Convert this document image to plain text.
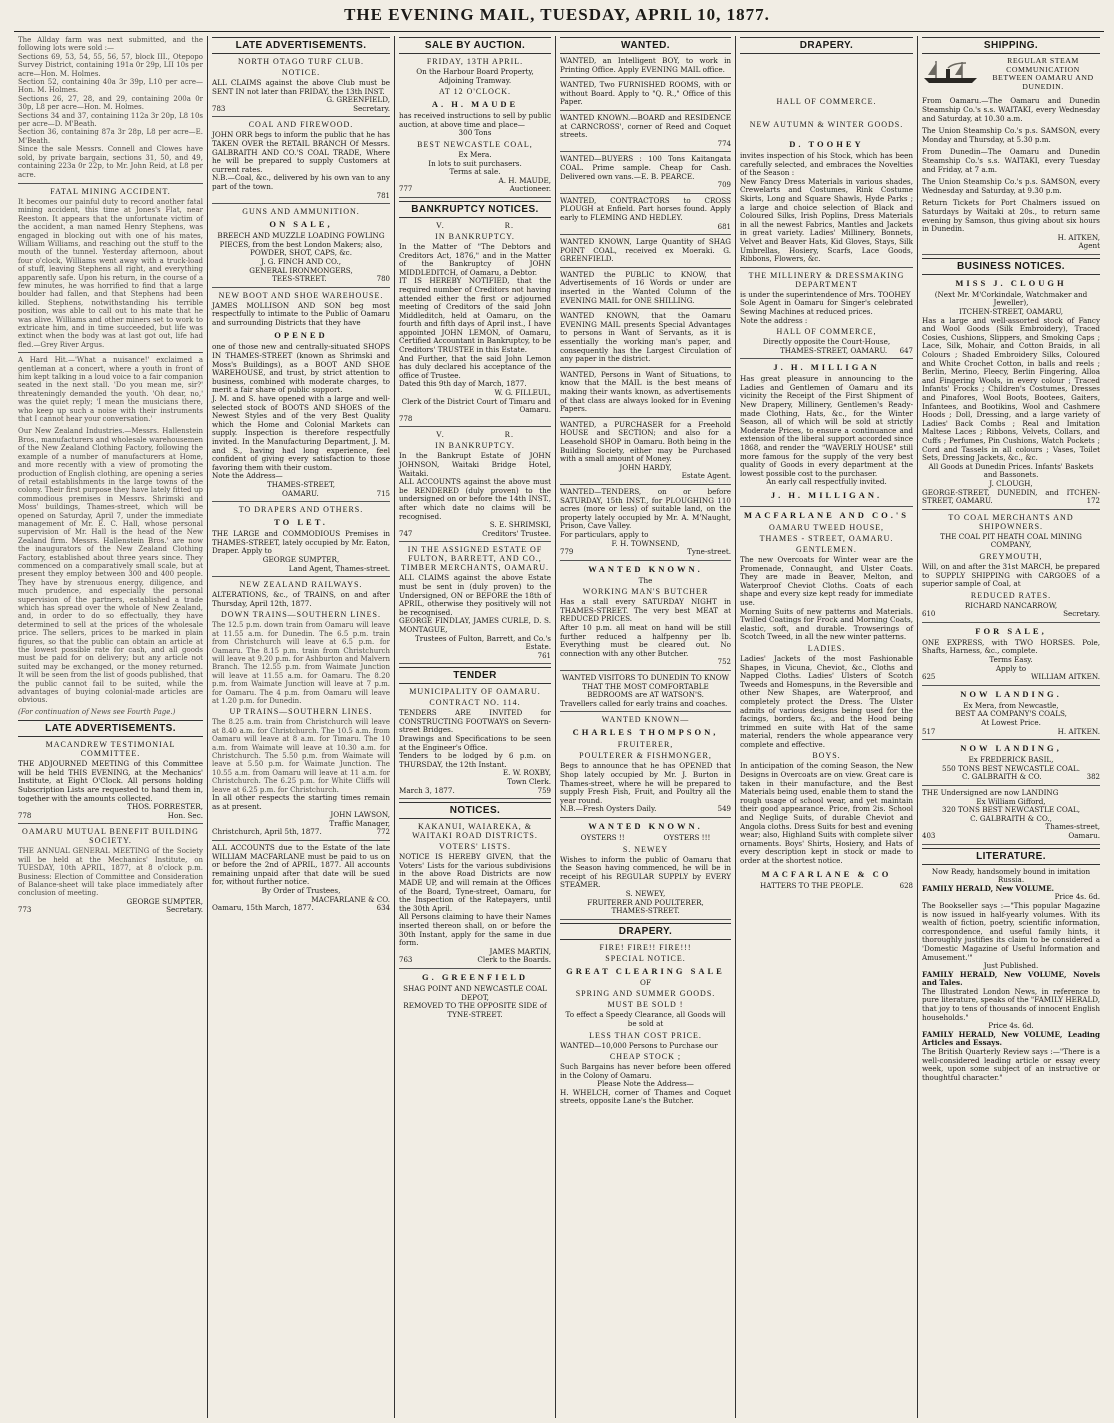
THE EVENING MAIL, TUESDAY, APRIL 10, 1877.

The Allday farm was next submitted, and the following lots were sold :—

Sections 69, 53, 54, 55, 56, 57, block III., Otepopo Survey District, containing 191a 0r 29p, LII 10s per acre—Hon. M. Holmes.

Section 52, containing 40a 3r 39p, L10 per acre—Hon. M. Holmes.

Sections 26, 27, 28, and 29, containing 200a 0r 30p, L8 per acre—Hon. M. Holmes.

Sections 34 and 37, containing 112a 3r 20p, L8 10s per acre—D. M'Beath.

Section 36, containing 87a 3r 28p, L8 per acre—E. M'Beath.

Since the sale Messrs. Connell and Clowes have sold, by private bargain, sections 31, 50, and 49, containing 223a 0r 22p, to Mr. John Reid, at L8 per acre.

FATAL MINING ACCIDENT.

It becomes our painful duty to record another fatal mining accident, this time at Jones's Flat, near Reeston. It appears that the unfortunate victim of the accident, a man named Henry Stephens, was engaged in blocking out with one of his mates, William Williams, and reaching out the stuff to the mouth of the tunnel. Yesterday afternoon, about four o'clock, Williams went away with a truck-load of stuff, leaving Stephens all right, and everything apparently safe. Upon his return, in the course of a few minutes, he was horrified to find that a large boulder had fallen, and that Stephens had been killed. Stephens, notwithstanding his terrible position, was able to call out to his mate that he was alive. Williams and other miners set to work to extricate him, and in time succeeded, but life was extinct when the body was at last got out, life had fled.—Grey River Argus.

A Hard Hit.—'What a nuisance!' exclaimed a gentleman at a concert, where a youth in front of him kept talking in a loud voice to a fair companion seated in the next stall. 'Do you mean me, sir?' threateningly demanded the youth. 'Oh dear, no,' was the quiet reply; 'I mean the musicians there, who keep up such a noise with their instruments that I cannot hear your conversation.'

Our New Zealand Industries.—Messrs. Hallenstein Bros., manufacturers and wholesale warehousemen of the New Zealand Clothing Factory, following the example of a number of manufacturers at Home, and more recently with a view of promoting the production of English clothing, are opening a series of retail establishments in the large towns of the colony. Their first purpose they have lately fitted up commodious premises in Messrs. Shrimski and Moss' buildings, Thames-street, which will be opened on Saturday, April 7, under the immediate management of Mr. E. C. Hall, whose personal supervision of Mr. Hall is the head of the New Zealand firm. Messrs. Hallenstein Bros.' are now the inaugurators of the New Zealand Clothing Factory, established about three years since. They commenced on a comparatively small scale, but at present they employ between 300 and 400 people. They have by strenuous energy, diligence, and much prudence, and especially the personal supervision of the partners, established a trade which has spread over the whole of New Zealand, and, in order to do so effectually, they have determined to sell at the prices of the wholesale price. The sellers, prices to be marked in plain figures, so that the public can obtain an article at the lowest possible rate for cash, and all goods must be paid for on delivery; but any article not suited may be exchanged, or the money returned. It will be seen from the list of goods published, that the public cannot fail to be suited, while the advantages of buying colonial-made articles are obvious.

(For continuation of News see Fourth Page.)

LATE ADVERTISEMENTS.
MACANDREW TESTIMONIAL COMMITTEE.

THE ADJOURNED MEETING of this Committee will be held THIS EVENING, at the Mechanics' Institute, at Eight O'Clock. All persons holding Subscription Lists are requested to hand them in, together with the amounts collected.

THOS. FORRESTER,

778	Hon. Sec.

OAMARU MUTUAL BENEFIT BUILDING SOCIETY.

THE ANNUAL GENERAL MEETING of the Society will be held at the Mechanics' Institute, on TUESDAY, 10th APRIL, 1877, at 8 o'clock p.m. Business: Election of Committee and Consideration of Balance-sheet will take place immediately after conclusion of meeting.

GEORGE SUMPTER,

773	Secretary.

LATE ADVERTISEMENTS.
NORTH OTAGO TURF CLUB.
NOTICE.

ALL CLAIMS against the above Club must be SENT IN not later than FRIDAY, the 13th INST.

G. GREENFIELD,

783	Secretary.

COAL AND FIREWOOD.

JOHN ORR begs to inform the public that he has TAKEN OVER the RETAIL BRANCH Of Messrs. GALBRAITH AND CO.'S COAL TRADE, Where he will be prepared to supply Customers at current rates.

N.B.—Coal, &c., delivered by his own van to any part of the town.

781

GUNS AND AMMUNITION.
ON SALE,

BREECH AND MUZZLE LOADING FOWLING PIECES, from the best London Makers; also, POWDER, SHOT, CAPS, &c.

J. G. FINCH AND CO.,

GENERAL IRONMONGERS,

TEES-STREET.	780

NEW BOOT AND SHOE WAREHOUSE.

JAMES MOLLISON AND SON beg most respectfully to intimate to the Public of Oamaru and surrounding Districts that they have

OPENED

one of those new and centrally-situated SHOPS IN THAMES-STREET (known as Shrimski and Moss's Buildings), as a BOOT AND SHOE WAREHOUSE, and trust, by strict attention to business, combined with moderate charges, to merit a fair share of public support.

J. M. and S. have opened with a large and well-selected stock of BOOTS AND SHOES of the Newest Styles and of the very Best Quality which the Home and Colonial Markets can supply. Inspection is therefore respectfully invited. In the Manufacturing Department, J. M. and S., having had long experience, feel confident of giving every satisfaction to those favoring them with their custom.

Note the Address—

THAMES-STREET,

OAMARU.	715

TO DRAPERS AND OTHERS.
TO LET.

THE LARGE and COMMODIOUS Premises in THAMES-STREET, lately occupied by Mr. Eaton, Draper. Apply to

GEORGE SUMPTER,

Land Agent, Thames-street.

NEW ZEALAND RAILWAYS.

ALTERATIONS, &c., of TRAINS, on and after Thursday, April 12th, 1877.

DOWN TRAINS—SOUTHERN LINES.

The 12.5 p.m. down train from Oamaru will leave at 11.55 a.m. for Dunedin. The 6.5 p.m. train from Christchurch will leave at 6.5 p.m. for Oamaru. The 8.15 p.m. train from Christchurch will leave at 9.20 p.m. for Ashburton and Malvern Branch. The 12.55 p.m. from Waimate Junction will leave at 11.55 a.m. for Oamaru. The 8.20 p.m. from Waimate Junction will leave at 7 p.m. for Oamaru. The 4 p.m. from Oamaru will leave at 1.20 p.m. for Dunedin.

UP TRAINS—SOUTHERN LINES.

The 8.25 a.m. train from Christchurch will leave at 8.40 a.m. for Christchurch. The 10.5 a.m. from Oamaru will leave at 8 a.m. for Timaru. The 10 a.m. from Waimate will leave at 10.30 a.m. for Christchurch. The 5.50 p.m. from Waimate will leave at 5.50 p.m. for Waimate Junction. The 10.55 a.m. from Oamaru will leave at 11 a.m. for Christchurch. The 6.25 p.m. for White Cliffs will leave at 6.25 p.m. for Christchurch.

In all other respects the starting times remain as at present.

JOHN LAWSON,

Traffic Manager,

Christchurch, April 5th, 1877.	772

ALL ACCOUNTS due to the Estate of the late WILLIAM MACFARLANE must be paid to us on or before the 2nd of APRIL, 1877. All accounts remaining unpaid after that date will be sued for, without further notice.

By Order of Trustees,

MACFARLANE & CO.

Oamaru, 15th March, 1877.	634

SALE BY AUCTION.
FRIDAY, 13TH APRIL.

On the Harbour Board Property, Adjoining Tramway.

AT 12 O'CLOCK.
A. H. MAUDE

has received instructions to sell by public auction, at above time and place—

300 Tons

BEST NEWCASTLE COAL,

Ex Mera.

In lots to suit purchasers.

Terms at sale.

A. H. MAUDE,

777	Auctioneer.

BANKRUPTCY NOTICES.
V.                    R.
IN BANKRUPTCY.

In the Matter of "The Debtors and Creditors Act, 1876," and in the Matter of the Bankruptcy of JOHN MIDDLEDITCH, of Oamaru, a Debtor.

IT IS HEREBY NOTIFIED, that the required number of Creditors not having attended either the first or adjourned meeting of Creditors of the said John Middleditch, held at Oamaru, on the fourth and fifth days of April inst., I have appointed JOHN LEMON, of Oamaru, Certified Accountant in Bankruptcy, to be Creditors' TRUSTEE in this Estate.

And Further, that the said John Lemon has duly declared his acceptance of the office of Trustee.

Dated this 9th day of March, 1877.

W. G. FILLEUL,

Clerk of the District Court of Timaru and Oamaru.

778

V.                    R.
IN BANKRUPTCY.

In the Bankrupt Estate of JOHN JOHNSON, Waitaki Bridge Hotel, Waitaki.

ALL ACCOUNTS against the above must be RENDERED (duly proven) to the undersigned on or before the 14th INST., after which date no claims will be recognised.

S. E. SHRIMSKI,

747	Creditors' Trustee.

IN THE ASSIGNED ESTATE OF FULTON, BARRETT, AND CO., TIMBER MERCHANTS, OAMARU.

ALL CLAIMS against the above Estate must be sent in (duly proven) to the Undersigned, ON or BEFORE the 18th of APRIL, otherwise they positively will not be recognised.

GEORGE FINDLAY, JAMES CURLE, D. S. MONTAGUE,

Trustees of Fulton, Barrett, and Co.'s Estate.

761

TENDER
MUNICIPALITY OF OAMARU.
CONTRACT NO. 114.

TENDERS ARE INVITED for CONSTRUCTING FOOTWAYS on Severn-street Bridges.

Drawings and Specifications to be seen at the Engineer's Office.

Tenders to be lodged by 6 p.m. on THURSDAY, the 12th Instant.

E. W. ROXBY,

Town Clerk.

March 3, 1877.	759

NOTICES.
KAKANUI, WAIAREKA, & WAITAKI ROAD DISTRICTS.
VOTERS' LISTS.

NOTICE IS HEREBY GIVEN, that the Voters' Lists for the various subdivisions in the above Road Districts are now MADE UP, and will remain at the Offices of the Board, Tyne-street, Oamaru, for the Inspection of the Ratepayers, until the 30th April.

All Persons claiming to have their Names inserted thereon shall, on or before the 30th Instant, apply for the same in due form.

JAMES MARTIN,

763	Clerk to the Boards.

G. GREENFIELD

SHAG POINT AND NEWCASTLE COAL DEPOT,

REMOVED TO THE OPPOSITE SIDE of

TYNE-STREET.

WANTED.

WANTED, an Intelligent BOY, to work in Printing Office. Apply EVENING MAIL office.

WANTED, Two FURNISHED ROOMS, with or without Board. Apply to "Q. R.," Office of this Paper.

WANTED KNOWN.—BOARD and RESIDENCE at CARNCROSS', corner of Reed and Coquet streets.

774

WANTED—BUYERS : 100 Tons Kaitangata COAL. Prime sample. Cheap for Cash. Delivered own vans.—E. B. PEARCE.

709

WANTED, CONTRACTORS to CROSS PLOUGH at Enfield. Part horses found. Apply early to FLEMING AND HEDLEY.

681

WANTED KNOWN, Large Quantity of SHAG POINT COAL, received ex Moeraki. G. GREENFIELD.

WANTED the PUBLIC to KNOW, that Advertisements of 16 Words or under are inserted in the Wanted Column of the EVENING MAIL for ONE SHILLING.

WANTED KNOWN, that the Oamaru EVENING MAIL presents Special Advantages to persons in Want of Servants, as it is essentially the working man's paper, and consequently has the Largest Circulation of any paper in the district.

WANTED, Persons in Want of Situations, to know that the MAIL is the best means of making their wants known, as advertisements of that class are always looked for in Evening Papers.

WANTED, a PURCHASER for a Freehold HOUSE and SECTION; and also for a Leasehold SHOP in Oamaru. Both being in the Building Society, either may be Purchased with a small amount of Money.

JOHN HARDY,

Estate Agent.

WANTED—TENDERS, on or before SATURDAY, 15th INST., for PLOUGHING 110 acres (more or less) of suitable land, on the property lately occupied by Mr. A. M'Naught, Prison, Cave Valley.

For particulars, apply to

F. H. TOWNSEND,

779	Tyne-street.

WANTED KNOWN.

The

WORKING MAN'S BUTCHER

Has a stall every SATURDAY NIGHT in THAMES-STREET. The very best MEAT at REDUCED PRICES.

After 10 p.m. all meat on hand will be still further reduced a halfpenny per lb. Everything must be cleared out. No connection with any other Butcher.

752

WANTED VISITORS TO DUNEDIN TO KNOW THAT THE MOST COMFORTABLE BEDROOMS are AT WATSON'S.

Travellers called for early trains and coaches.

WANTED KNOWN—
CHARLES THOMPSON,
FRUITERER,
POULTERER & FISHMONGER,

Begs to announce that he has OPENED that Shop lately occupied by Mr. J. Burton in Thames-street, where he will be prepared to supply Fresh Fish, Fruit, and Poultry all the year round.

N.B.—Fresh Oysters Daily.	549

WANTED KNOWN.

OYSTERS !!                 OYSTERS !!!

S. NEWEY

Wishes to inform the public of Oamaru that the Season having commenced, he will be in receipt of his REGULAR SUPPLY by EVERY STEAMER.

S. NEWEY,

FRUITERER AND POULTERER,

THAMES-STREET.

DRAPERY.
FIRE! FIRE!! FIRE!!!
SPECIAL NOTICE.
GREAT CLEARING SALE

OF

SPRING AND SUMMER GOODS.
MUST BE SOLD !

To effect a Speedy Clearance, all Goods will be sold at

LESS THAN COST PRICE.

WANTED—10,000 Persons to Purchase our

CHEAP STOCK ;

Such Bargains has never before been offered in the Colony of Oamaru.

Please Note the Address—

H. WHELCH, corner of Thames and Coquet streets, opposite Lane's the Butcher.

DRAPERY.
HALL OF COMMERCE.
NEW AUTUMN & WINTER GOODS.
D. TOOHEY

invites inspection of his Stock, which has been carefully selected, and embraces the Novelties of the Season :

New Fancy Dress Materials in various shades, Crewelarts and Costumes, Rink Costume Skirts, Long and Square Shawls, Hyde Parks ; a large and choice selection of Black and Coloured Silks, Irish Poplins, Dress Materials in all the newest Fabrics, Mantles and Jackets in great variety. Ladies' Millinery, Bonnets, Velvet and Beaver Hats, Kid Gloves, Stays, Silk Umbrellas, Hosiery, Scarfs, Lace Goods, Ribbons, Flowers, &c.

THE MILLINERY & DRESSMAKING DEPARTMENT

is under the superintendence of Mrs. TOOHEY

Sole Agent in Oamaru for Singer's celebrated Sewing Machines at reduced prices.

Note the address :

HALL OF COMMERCE,

Directly opposite the Court-House,

THAMES-STREET, OAMARU. 647

J. H. MILLIGAN

Has great pleasure in announcing to the Ladies and Gentlemen of Oamaru and its vicinity the Receipt of the First Shipment of New Drapery, Millinery, Gentlemen's Ready-made Clothing, Hats, &c., for the Winter Season, all of which will be sold at strictly Moderate Prices, to ensure a continuance and extension of the liberal support accorded since 1868, and render the "WAVERLY HOUSE" still more famous for the supply of the very best quality of Goods in every department at the lowest possible cost to the purchaser.

An early call respectfully invited.

J. H. MILLIGAN.
MACFARLANE AND CO.'S
OAMARU TWEED HOUSE,
THAMES - STREET, OAMARU.
GENTLEMEN.

The new Overcoats for Winter wear are the Promenade, Connaught, and Ulster Coats. They are made in Beaver, Melton, and Waterproof Cheviot Cloths. Coats of each shape and every size kept ready for immediate use.

Morning Suits of new patterns and Materials. Twilled Coatings for Frock and Morning Coats, elastic, soft, and durable. Trowserings of Scotch Tweed, in all the new winter patterns.

LADIES.

Ladies' Jackets of the most Fashionable Shapes, in Vicuna, Cheviot, &c., Cloths and Napped Cloths. Ladies' Ulsters of Scotch Tweeds and Homespuns, in the Reversible and other New Shapes, are Waterproof, and completely protect the Dress. The Ulster admits of various designs being used for the facings, borders, &c., and the Hood being trimmed en suite with Hat of the same material, renders the whole appearance very complete and effective.

BOYS.

In anticipation of the coming Season, the New Designs in Overcoats are on view. Great care is taken in their manufacture, and the Best Materials being used, enable them to stand the rough usage of school wear, and yet maintain their good appearance. Price, from 2is. School and Neglige Suits, of durable Cheviot and Angola cloths. Dress Suits for best and evening wear; also, Highland Suits with complete silver ornaments. Boys' Shirts, Hosiery, and Hats of every description kept in stock or made to order at the shortest notice.

MACFARLANE & CO

HATTERS TO THE PEOPLE.	628

SHIPPING.

REGULAR STEAM COMMUNICATION BETWEEN OAMARU AND DUNEDIN.

From Oamaru.—The Oamaru and Dunedin Steamship Co.'s s.s. WAITAKI, every Wednesday and Saturday, at 10.30 a.m.

The Union Steamship Co.'s p.s. SAMSON, every Monday and Thursday, at 5.30 p.m.

From Dunedin—The Oamaru and Dunedin Steamship Co.'s s.s. WAITAKI, every Tuesday and Friday, at 7 a.m.

The Union Steamship Co.'s p.s. SAMSON, every Wednesday and Saturday, at 9.30 p.m.

Return Tickets for Port Chalmers issued on Saturdays by Waitaki at 20s., to return same evening by Samson, thus giving about six hours in Dunedin.

H. AITKEN,

Agent

BUSINESS NOTICES.
MISS J. CLOUGH

(Next Mr. M'Corkindale, Watchmaker and Jeweller),

ITCHEN-STREET, OAMARU,

Has a large and well-assorted stock of Fancy and Wool Goods (Silk Embroidery), Traced Cosies, Cushions, Slippers, and Smoking Caps ; Lace, Silk, Mohair, and Cotton Braids, in all Colours ; Shaded Embroidery Silks, Coloured and White Crochet Cotton, in balls and reels ; Berlin, Merino, Fleecy, Berlin Fingering, Alloa and Fingering Wools, in every colour ; Traced Infants' Frocks ; Children's Costumes, Dresses and Pinafores, Wool Boots, Bootees, Gaiters, Infantees, and Bootikins, Wool and Cashmere Hoods ; Doll, Dressing, and a large variety of Ladies' Back Combs ; Real and Imitation Maltese Laces ; Ribbons, Velvets, Collars, and Cuffs ; Perfumes, Pin Cushions, Watch Pockets ; Cord and Tassels in all colours ; Vases, Toilet Sets, Dressing Jackets, &c., &c.

All Goods at Dunedin Prices. Infants' Baskets and Bassonets.

J. CLOUGH,

GEORGE-STREET, DUNEDIN, and ITCHEN-STREET, OAMARU.	172

TO COAL MERCHANTS AND SHIPOWNERS.

THE COAL PIT HEATH COAL MINING COMPANY,

GREYMOUTH,

Will, on and after the 31st MARCH, be prepared to SUPPLY SHIPPING with CARGOES of a superior sample of Coal, at

REDUCED RATES.

RICHARD NANCARROW,

610	Secretary.

FOR SALE,

ONE EXPRESS, with TWO HORSES. Pole, Shafts, Harness, &c., complete.

Terms Easy.

Apply to

625	WILLIAM AITKEN.

NOW LANDING.

Ex Mera, from Newcastle,

BEST AA COMPANY'S COALS,

At Lowest Price.

517	H. AITKEN.

NOW LANDING,

Ex FREDERICK BASIL,

550 TONS BEST NEWCASTLE COAL.

C. GALBRAITH & CO.	382

THE Undersigned are now LANDING

Ex William Gifford,

320 TONS BEST NEWCASTLE COAL,

C. GALBRAITH & CO.,

Thames-street,

403	Oamaru.

LITERATURE.

Now Ready, handsomely bound in imitation Russia.

FAMILY HERALD, New VOLUME.

Price 4s. 6d.

The Bookseller says :—"This popular Magazine is now issued in half-yearly volumes. With its wealth of fiction, poetry, scientific information, correspondence, and useful family hints, it thoroughly justifies its claim to be considered a 'Domestic Magazine of Useful Information and Amusement.'"

Just Published.

FAMILY HERALD, New VOLUME, Novels and Tales.

The Illustrated London News, in reference to pure literature, speaks of the "FAMILY HERALD, that joy to tens of thousands of innocent English households."

Price 4s. 6d.

FAMILY HERALD, New VOLUME, Leading Articles and Essays.

The British Quarterly Review says :—"There is a well-considered leading article or essay every week, upon some subject of an instructive or thoughtful character."
